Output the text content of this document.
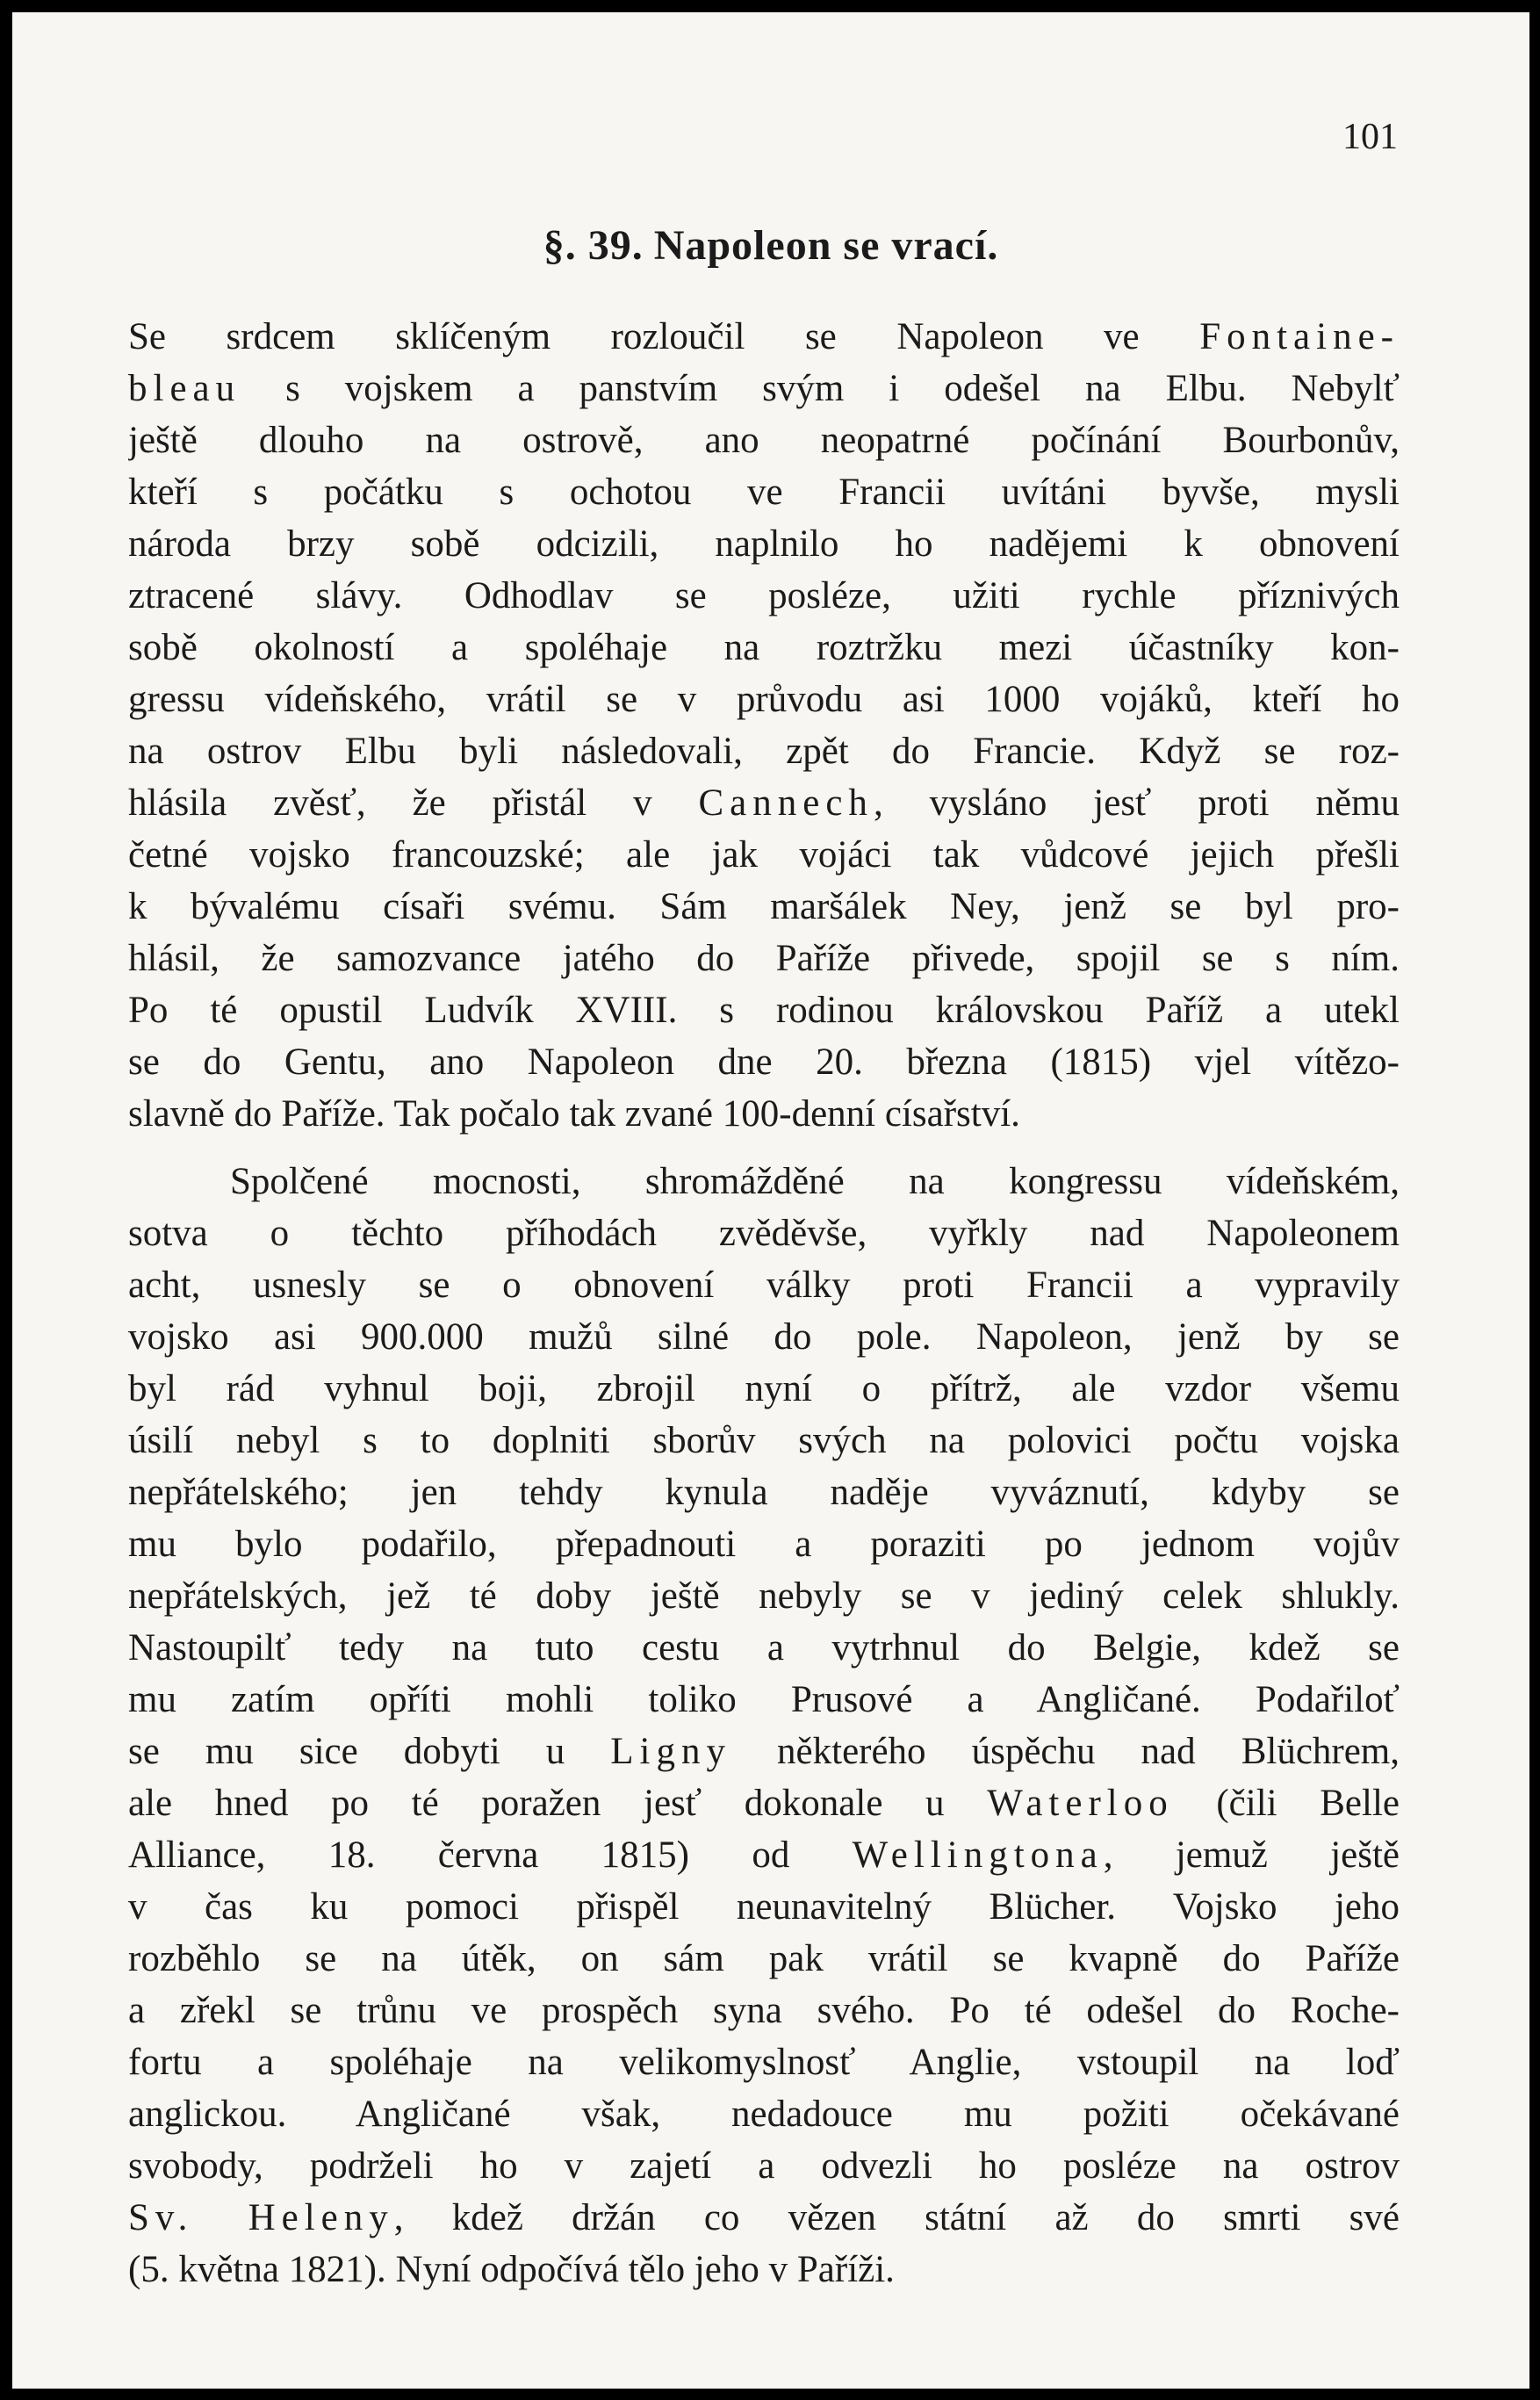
101
§. 39. Napoleon se vrací.
Se srdcem sklíčeným rozloučil se Napoleon ve Fontaine-
bleau s vojskem a panstvím svým i odešel na Elbu. Nebylť
ještě dlouho na ostrově, ano neopatrné počínání Bourbonův,
kteří s počátku s ochotou ve Francii uvítáni byvše, mysli
národa brzy sobě odcizili, naplnilo ho nadějemi k obnovení
ztracené slávy. Odhodlav se posléze, užiti rychle příznivých
sobě okolností a spoléhaje na roztržku mezi účastníky kon-
gressu vídeňského, vrátil se v průvodu asi 1000 vojáků, kteří ho
na ostrov Elbu byli následovali, zpět do Francie. Když se roz-
hlásila zvěsť, že přistál v Cannech, vysláno jesť proti němu
četné vojsko francouzské; ale jak vojáci tak vůdcové jejich přešli
k bývalému císaři svému. Sám maršálek Ney, jenž se byl pro-
hlásil, že samozvance jatého do Paříže přivede, spojil se s ním.
Po té opustil Ludvík XVIII. s rodinou královskou Paříž a utekl
se do Gentu, ano Napoleon dne 20. března (1815) vjel vítězo-
slavně do Paříže. Tak počalo tak zvané 100-denní císařství.
Spolčené mocnosti, shromážděné na kongressu vídeňském,
sotva o těchto příhodách zvěděvše, vyřkly nad Napoleonem
acht, usnesly se o obnovení války proti Francii a vypravily
vojsko asi 900.000 mužů silné do pole. Napoleon, jenž by se
byl rád vyhnul boji, zbrojil nyní o přítrž, ale vzdor všemu
úsilí nebyl s to doplniti sborův svých na polovici počtu vojska
nepřátelského; jen tehdy kynula naděje vyváznutí, kdyby se
mu bylo podařilo, přepadnouti a poraziti po jednom vojův
nepřátelských, jež té doby ještě nebyly se v jediný celek shlukly.
Nastoupilť tedy na tuto cestu a vytrhnul do Belgie, kdež se
mu zatím opříti mohli toliko Prusové a Angličané. Podařiloť
se mu sice dobyti u Ligny některého úspěchu nad Blüchrem,
ale hned po té poražen jesť dokonale u Waterloo (čili Belle
Alliance, 18. června 1815) od Wellingtona, jemuž ještě
v čas ku pomoci přispěl neunavitelný Blücher. Vojsko jeho
rozběhlo se na útěk, on sám pak vrátil se kvapně do Paříže
a zřekl se trůnu ve prospěch syna svého. Po té odešel do Roche-
fortu a spoléhaje na velikomyslnosť Anglie, vstoupil na loď
anglickou. Angličané však, nedadouce mu požiti očekávané
svobody, podrželi ho v zajetí a odvezli ho posléze na ostrov
Sv. Heleny, kdež držán co vězen státní až do smrti své
(5. května 1821). Nyní odpočívá tělo jeho v Paříži.
